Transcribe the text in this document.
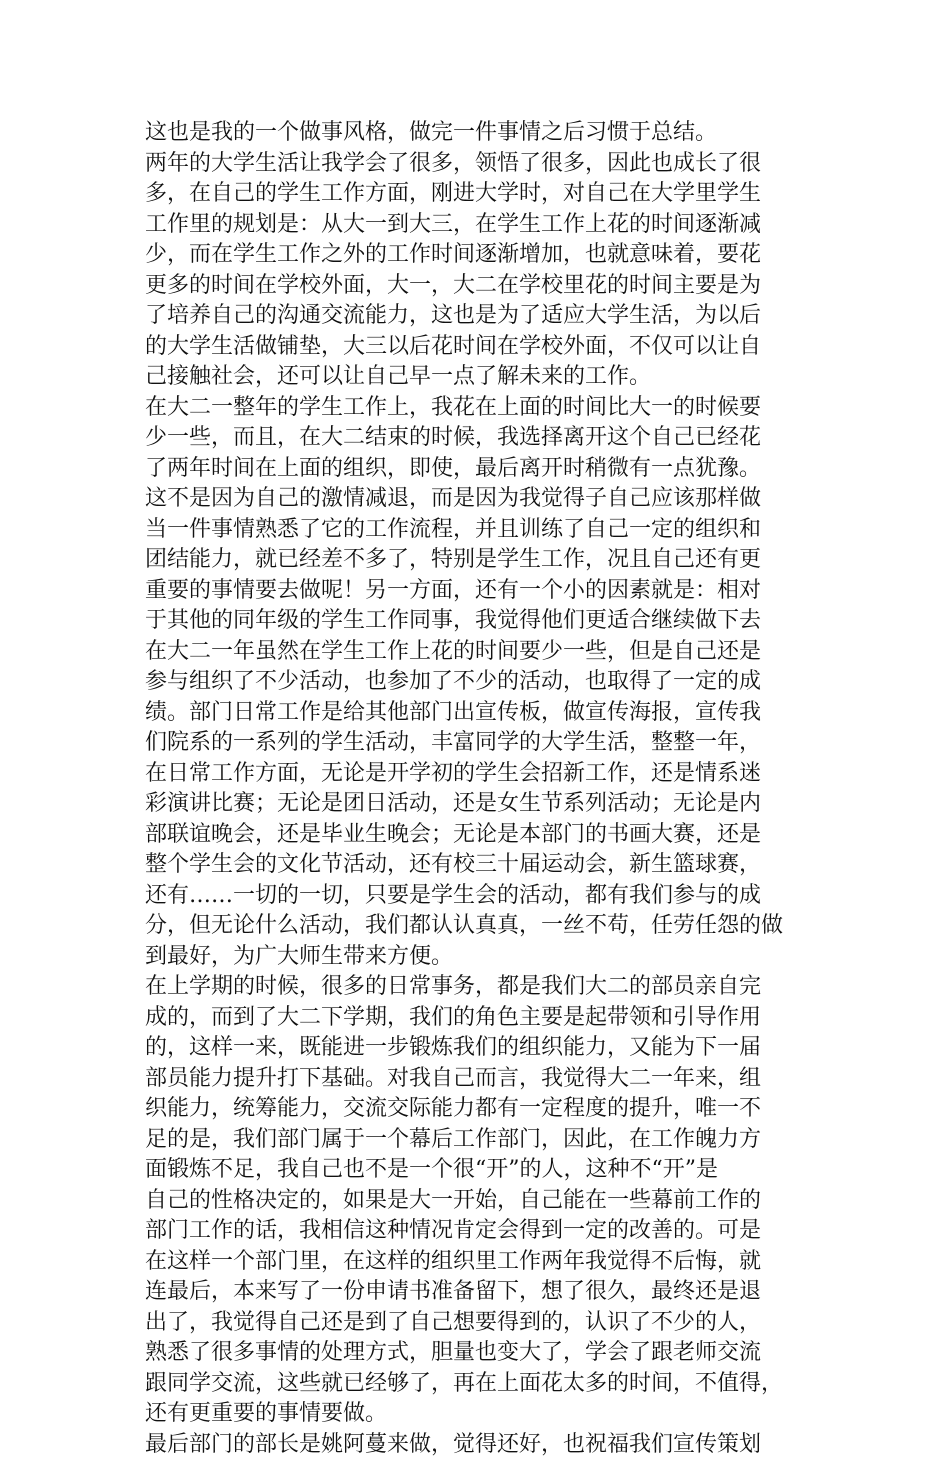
这也是我的一个做事风格，做完一件事情之后习惯于总结。
两年的大学生活让我学会了很多，领悟了很多，因此也成长了很
多，在自己的学生工作方面，刚进大学时，对自己在大学里学生
工作里的规划是：从大一到大三，在学生工作上花的时间逐渐减
少，而在学生工作之外的工作时间逐渐增加，也就意味着，要花
更多的时间在学校外面，大一，大二在学校里花的时间主要是为
了培养自己的沟通交流能力，这也是为了适应大学生活，为以后
的大学生活做铺垫，大三以后花时间在学校外面，不仅可以让自
己接触社会，还可以让自己早一点了解未来的工作。
在大二一整年的学生工作上，我花在上面的时间比大一的时候要
少一些，而且，在大二结束的时候，我选择离开这个自己已经花
了两年时间在上面的组织，即使，最后离开时稍微有一点犹豫。
这不是因为自己的激情减退，而是因为我觉得子自己应该那样做
当一件事情熟悉了它的工作流程，并且训练了自己一定的组织和
团结能力，就已经差不多了，特别是学生工作，况且自己还有更
重要的事情要去做呢！另一方面，还有一个小的因素就是：相对
于其他的同年级的学生工作同事，我觉得他们更适合继续做下去
在大二一年虽然在学生工作上花的时间要少一些，但是自己还是
参与组织了不少活动，也参加了不少的活动，也取得了一定的成
绩。部门日常工作是给其他部门出宣传板，做宣传海报，宣传我
们院系的一系列的学生活动，丰富同学的大学生活，整整一年，
在日常工作方面，无论是开学初的学生会招新工作，还是情系迷
彩演讲比赛；无论是团日活动，还是女生节系列活动；无论是内
部联谊晚会，还是毕业生晚会；无论是本部门的书画大赛，还是
整个学生会的文化节活动，还有校三十届运动会，新生篮球赛，
还有……一切的一切，只要是学生会的活动，都有我们参与的成
分，但无论什么活动，我们都认认真真，一丝不苟，任劳任怨的做
到最好，为广大师生带来方便。
在上学期的时候，很多的日常事务，都是我们大二的部员亲自完
成的，而到了大二下学期，我们的角色主要是起带领和引导作用
的，这样一来，既能进一步锻炼我们的组织能力，又能为下一届
部员能力提升打下基础。对我自己而言，我觉得大二一年来，组
织能力，统筹能力，交流交际能力都有一定程度的提升，唯一不
足的是，我们部门属于一个幕后工作部门，因此，在工作魄力方
面锻炼不足，我自己也不是一个很“开”的人，这种不“开”是
自己的性格决定的，如果是大一开始，自己能在一些幕前工作的
部门工作的话，我相信这种情况肯定会得到一定的改善的。可是
在这样一个部门里，在这样的组织里工作两年我觉得不后悔，就
连最后，本来写了一份申请书准备留下，想了很久，最终还是退
出了，我觉得自己还是到了自己想要得到的，认识了不少的人，
熟悉了很多事情的处理方式，胆量也变大了，学会了跟老师交流
跟同学交流，这些就已经够了，再在上面花太多的时间，不值得，
还有更重要的事情要做。
最后部门的部长是姚阿蔓来做，觉得还好，也祝福我们宣传策划
